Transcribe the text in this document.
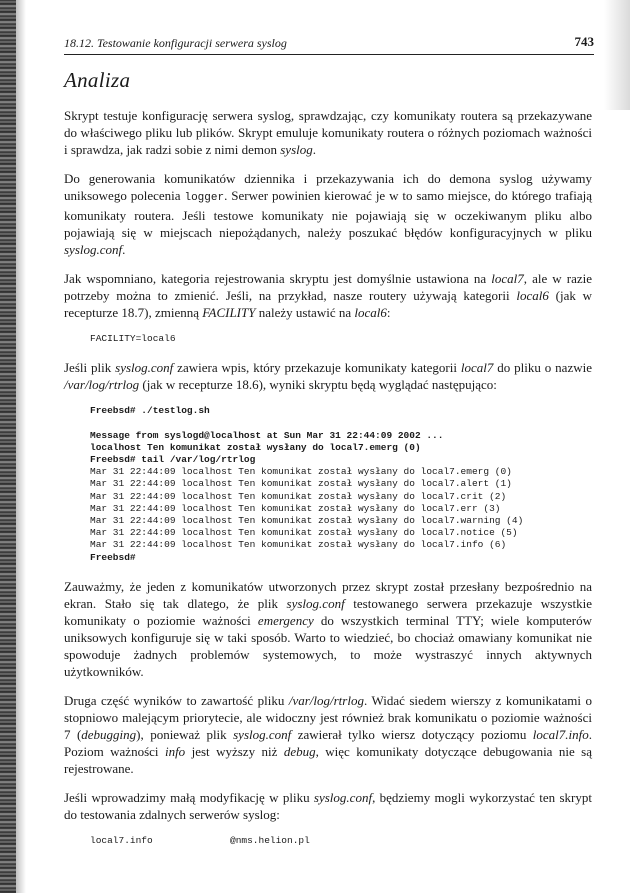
18.12. Testowanie konfiguracji serwera syslog	743
Analiza

Skrypt testuje konfigurację serwera syslog, sprawdzając, czy komunikaty routera są przekazywane do właściwego pliku lub plików. Skrypt emuluje komunikaty routera o różnych poziomach ważności i sprawdza, jak radzi sobie z nimi demon syslog.

Do generowania komunikatów dziennika i przekazywania ich do demona syslog używamy uniksowego polecenia logger. Serwer powinien kierować je w to samo miejsce, do którego trafiają komunikaty routera. Jeśli testowe komunikaty nie pojawiają się w oczekiwanym pliku albo pojawiają się w miejscach niepożądanych, należy poszukać błędów konfiguracyjnych w pliku syslog.conf.

Jak wspomniano, kategoria rejestrowania skryptu jest domyślnie ustawiona na local7, ale w razie potrzeby można to zmienić. Jeśli, na przykład, nasze routery używają kategorii local6 (jak w recepturze 18.7), zmienną FACILITY należy ustawić na local6:

FACILITY=local6

Jeśli plik syslog.conf zawiera wpis, który przekazuje komunikaty kategorii local7 do pliku o nazwie /var/log/rtrlog (jak w recepturze 18.6), wyniki skryptu będą wyglądać następująco:

Freebsd# ./testlog.sh

Message from syslogd@localhost at Sun Mar 31 22:44:09 2002 ...
localhost Ten komunikat został wysłany do local7.emerg (0)
Freebsd# tail /var/log/rtrlog
Mar 31 22:44:09 localhost Ten komunikat został wysłany do local7.emerg (0)
Mar 31 22:44:09 localhost Ten komunikat został wysłany do local7.alert (1)
Mar 31 22:44:09 localhost Ten komunikat został wysłany do local7.crit (2)
Mar 31 22:44:09 localhost Ten komunikat został wysłany do local7.err (3)
Mar 31 22:44:09 localhost Ten komunikat został wysłany do local7.warning (4)
Mar 31 22:44:09 localhost Ten komunikat został wysłany do local7.notice (5)
Mar 31 22:44:09 localhost Ten komunikat został wysłany do local7.info (6)
Freebsd#

Zauważmy, że jeden z komunikatów utworzonych przez skrypt został przesłany bezpośrednio na ekran. Stało się tak dlatego, że plik syslog.conf testowanego serwera przekazuje wszystkie komunikaty o poziomie ważności emergency do wszystkich terminal TTY; wiele komputerów uniksowych konfiguruje się w taki sposób. Warto to wiedzieć, bo chociaż omawiany komunikat nie spowoduje żadnych problemów systemowych, to może wystraszyć innych aktywnych użytkowników.

Druga część wyników to zawartość pliku /var/log/rtrlog. Widać siedem wierszy z komunikatami o stopniowo malejącym priorytecie, ale widoczny jest również brak komunikatu o poziomie ważności 7 (debugging), ponieważ plik syslog.conf zawierał tylko wiersz dotyczący poziomu local7.info. Poziom ważności info jest wyższy niż debug, więc komunikaty dotyczące debugowania nie są rejestrowane.

Jeśli wprowadzimy małą modyfikację w pliku syslog.conf, będziemy mogli wykorzystać ten skrypt do testowania zdalnych serwerów syslog:

local7.info	@nms.helion.pl
